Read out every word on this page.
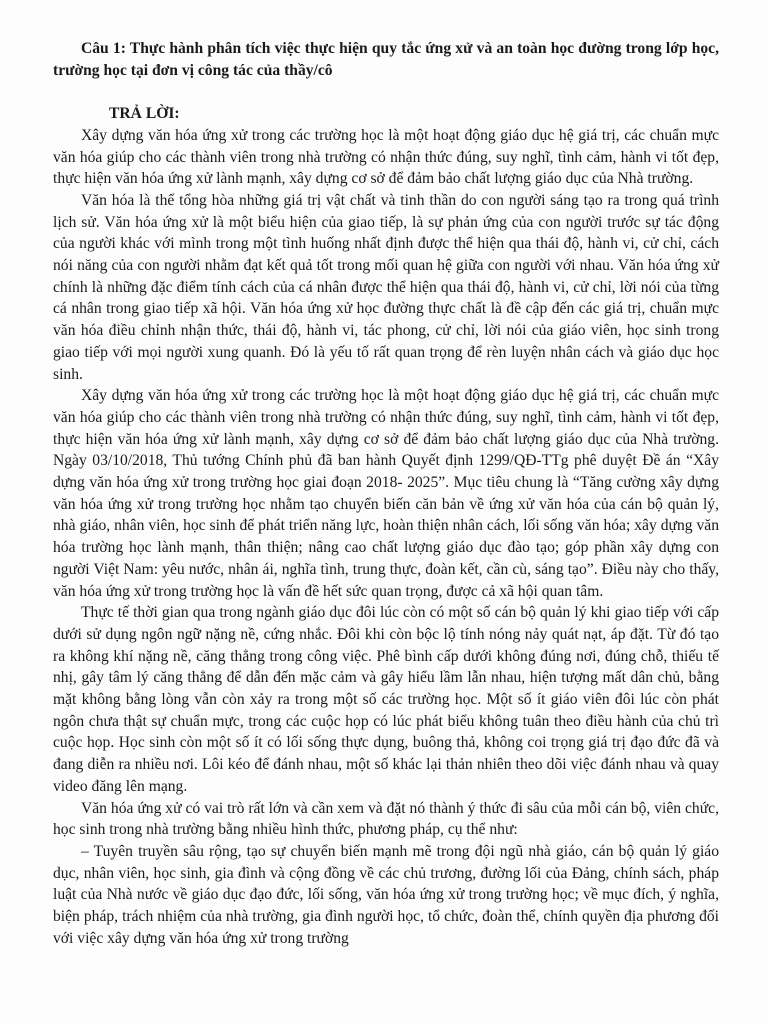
Câu 1: Thực hành phân tích việc thực hiện quy tắc ứng xử và an toàn học đường trong lớp học, trường học tại đơn vị công tác của thầy/cô

TRẢ LỜI:

Xây dựng văn hóa ứng xử trong các trường học là một hoạt động giáo dục hệ giá trị, các chuẩn mực văn hóa giúp cho các thành viên trong nhà trường có nhận thức đúng, suy nghĩ, tình cảm, hành vi tốt đẹp, thực hiện văn hóa ứng xử lành mạnh, xây dựng cơ sở để đảm bảo chất lượng giáo dục của Nhà trường.

Văn hóa là thể tổng hòa những giá trị vật chất và tinh thần do con người sáng tạo ra trong quá trình lịch sử. Văn hóa ứng xử là một biểu hiện của giao tiếp, là sự phản ứng của con người trước sự tác động của người khác với mình trong một tình huống nhất định được thể hiện qua thái độ, hành vi, cử chỉ, cách nói năng của con người nhằm đạt kết quả tốt trong mối quan hệ giữa con người với nhau. Văn hóa ứng xử chính là những đặc điểm tính cách của cá nhân được thể hiện qua thái độ, hành vi, cử chỉ, lời nói của từng cá nhân trong giao tiếp xã hội. Văn hóa ứng xử học đường thực chất là đề cập đến các giá trị, chuẩn mực văn hóa điều chỉnh nhận thức, thái độ, hành vi, tác phong, cử chỉ, lời nói của giáo viên, học sinh trong giao tiếp với mọi người xung quanh. Đó là yếu tố rất quan trọng để rèn luyện nhân cách và giáo dục học sinh.

Xây dựng văn hóa ứng xử trong các trường học là một hoạt động giáo dục hệ giá trị, các chuẩn mực văn hóa giúp cho các thành viên trong nhà trường có nhận thức đúng, suy nghĩ, tình cảm, hành vi tốt đẹp, thực hiện văn hóa ứng xử lành mạnh, xây dựng cơ sở để đảm bảo chất lượng giáo dục của Nhà trường. Ngày 03/10/2018, Thủ tướng Chính phủ đã ban hành Quyết định 1299/QĐ-TTg phê duyệt Đề án “Xây dựng văn hóa ứng xử trong trường học giai đoạn 2018- 2025”. Mục tiêu chung là “Tăng cường xây dựng văn hóa ứng xử trong trường học nhằm tạo chuyển biến căn bản về ứng xử văn hóa của cán bộ quản lý, nhà giáo, nhân viên, học sinh để phát triển năng lực, hoàn thiện nhân cách, lối sống văn hóa; xây dựng văn hóa trường học lành mạnh, thân thiện; nâng cao chất lượng giáo dục đào tạo; góp phần xây dựng con người Việt Nam: yêu nước, nhân ái, nghĩa tình, trung thực, đoàn kết, cần cù, sáng tạo”. Điều này cho thấy, văn hóa ứng xử trong trường học là vấn đề hết sức quan trọng, được cả xã hội quan tâm.

Thực tế thời gian qua trong ngành giáo dục đôi lúc còn có một số cán bộ quản lý khi giao tiếp với cấp dưới sử dụng ngôn ngữ nặng nề, cứng nhắc. Đôi khi còn bộc lộ tính nóng nảy quát nạt, áp đặt. Từ đó tạo ra không khí nặng nề, căng thẳng trong công việc. Phê bình cấp dưới không đúng nơi, đúng chỗ, thiếu tế nhị, gây tâm lý căng thẳng để dẫn đến mặc cảm và gây hiểu lầm lẫn nhau, hiện tượng mất dân chủ, bằng mặt không bằng lòng vẫn còn xảy ra trong một số các trường học. Một số ít giáo viên đôi lúc còn phát ngôn chưa thật sự chuẩn mực, trong các cuộc họp có lúc phát biểu không tuân theo điều hành của chủ trì cuộc họp. Học sinh còn một số ít có lối sống thực dụng, buông thả, không coi trọng giá trị đạo đức đã và đang diễn ra nhiều nơi. Lôi kéo để đánh nhau, một số khác lại thản nhiên theo dõi việc đánh nhau và quay video đăng lên mạng.

Văn hóa ứng xử có vai trò rất lớn và cần xem và đặt nó thành ý thức đi sâu của mỗi cán bộ, viên chức, học sinh trong nhà trường bằng nhiều hình thức, phương pháp, cụ thể như:

– Tuyên truyền sâu rộng, tạo sự chuyển biến mạnh mẽ trong đội ngũ nhà giáo, cán bộ quản lý giáo dục, nhân viên, học sinh, gia đình và cộng đồng về các chủ trương, đường lối của Đảng, chính sách, pháp luật của Nhà nước về giáo dục đạo đức, lối sống, văn hóa ứng xử trong trường học; về mục đích, ý nghĩa, biện pháp, trách nhiệm của nhà trường, gia đình người học, tổ chức, đoàn thể, chính quyền địa phương đối với việc xây dựng văn hóa ứng xử trong trường
